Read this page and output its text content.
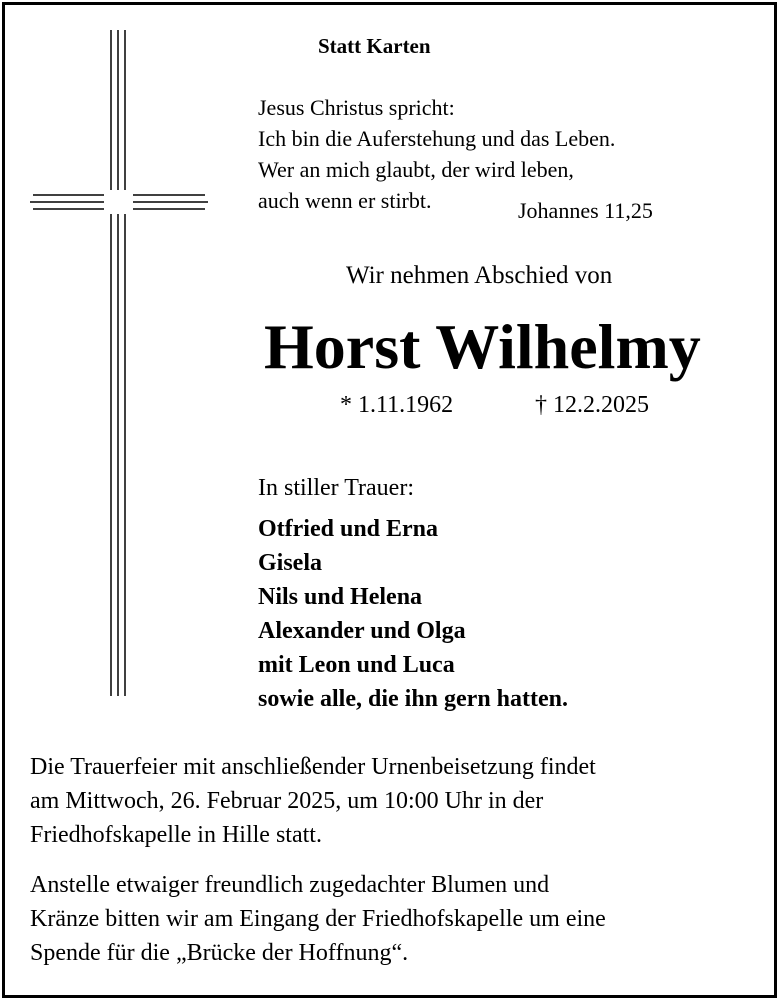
Statt Karten
Jesus Christus spricht:
Ich bin die Auferstehung und das Leben.
Wer an mich glaubt, der wird leben,
auch wenn er stirbt.	Johannes 11,25
Wir nehmen Abschied von
Horst Wilhelmy
* 1.11.1962	† 12.2.2025
In stiller Trauer:
Otfried und Erna
Gisela
Nils und Helena
Alexander und Olga
mit Leon und Luca
sowie alle, die ihn gern hatten.
Die Trauerfeier mit anschließender Urnenbeisetzung findet
am Mittwoch, 26. Februar 2025, um 10:00 Uhr in der
Friedhofskapelle in Hille statt.
Anstelle etwaiger freundlich zugedachter Blumen und
Kränze bitten wir am Eingang der Friedhofskapelle um eine
Spende für die „Brücke der Hoffnung“.
